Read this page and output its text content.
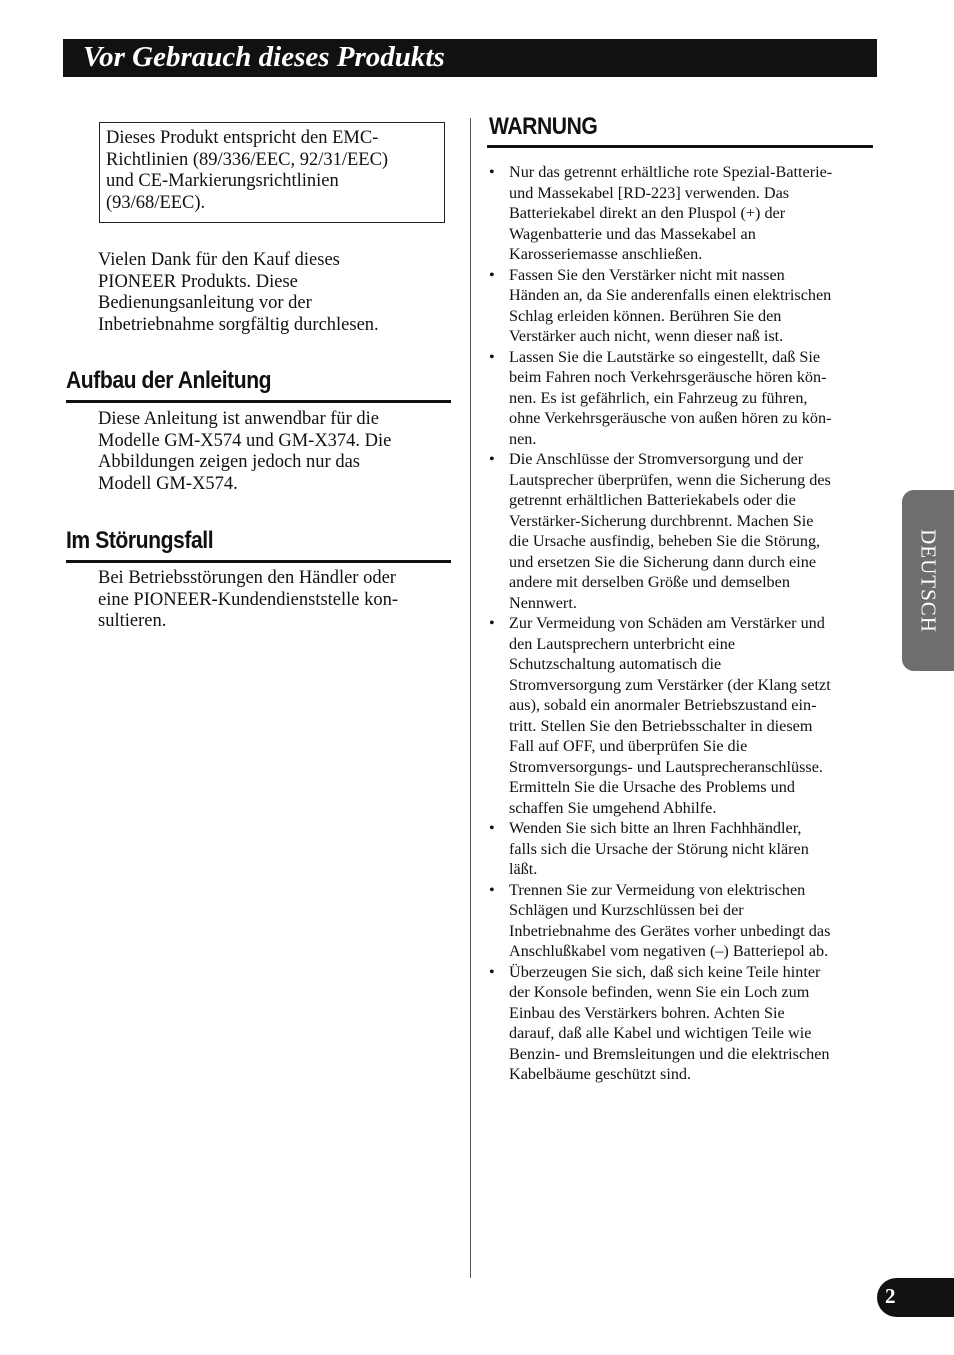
Vor Gebrauch dieses Produkts
Dieses Produkt entspricht den EMC-
Richtlinien (89/336/EEC, 92/31/EEC)
und CE-Markierungsrichtlinien
(93/68/EEC).
Vielen Dank für den Kauf dieses
PIONEER Produkts. Diese
Bedienungsanleitung vor der
Inbetriebnahme sorgfältig durchlesen.
Aufbau der Anleitung
Diese Anleitung ist anwendbar für die
Modelle GM-X574 und GM-X374. Die
Abbildungen zeigen jedoch nur das
Modell GM-X574.
Im Störungsfall
Bei Betriebsstörungen den Händler oder
eine PIONEER-Kundendienststelle kon-
sultieren.
WARNUNG
• Nur das getrennt erhältliche rote Spezial-Batterie-
und Massekabel [RD-223] verwenden. Das
Batteriekabel direkt an den Pluspol (+) der
Wagenbatterie und das Massekabel an
Karosseriemasse anschließen.
• Fassen Sie den Verstärker nicht mit nassen
Händen an, da Sie anderenfalls einen elektrischen
Schlag erleiden können. Berühren Sie den
Verstärker auch nicht, wenn dieser naß ist.
• Lassen Sie die Lautstärke so eingestellt, daß Sie
beim Fahren noch Verkehrsgeräusche hören kön-
nen. Es ist gefährlich, ein Fahrzeug zu führen,
ohne Verkehrsgeräusche von außen hören zu kön-
nen.
• Die Anschlüsse der Stromversorgung und der
Lautsprecher überprüfen, wenn die Sicherung des
getrennt erhältlichen Batteriekabels oder die
Verstärker-Sicherung durchbrennt. Machen Sie
die Ursache ausfindig, beheben Sie die Störung,
und ersetzen Sie die Sicherung dann durch eine
andere mit derselben Größe und demselben
Nennwert.
• Zur Vermeidung von Schäden am Verstärker und
den Lautsprechern unterbricht eine
Schutzschaltung automatisch die
Stromversorgung zum Verstärker (der Klang setzt
aus), sobald ein anormaler Betriebszustand ein-
tritt. Stellen Sie den Betriebsschalter in diesem
Fall auf OFF, und überprüfen Sie die
Stromversorgungs- und Lautsprecheranschlüsse.
Ermitteln Sie die Ursache des Problems und
schaffen Sie umgehend Abhilfe.
• Wenden Sie sich bitte an lhren Fachhhändler,
falls sich die Ursache der Störung nicht klären
läßt.
• Trennen Sie zur Vermeidung von elektrischen
Schlägen und Kurzschlüssen bei der
Inbetriebnahme des Gerätes vorher unbedingt das
Anschlußkabel vom negativen (–) Batteriepol ab.
• Überzeugen Sie sich, daß sich keine Teile hinter
der Konsole befinden, wenn Sie ein Loch zum
Einbau des Verstärkers bohren. Achten Sie
darauf, daß alle Kabel und wichtigen Teile wie
Benzin- und Bremsleitungen und die elektrischen
Kabelbäume geschützt sind.
DEUTSCH
2
